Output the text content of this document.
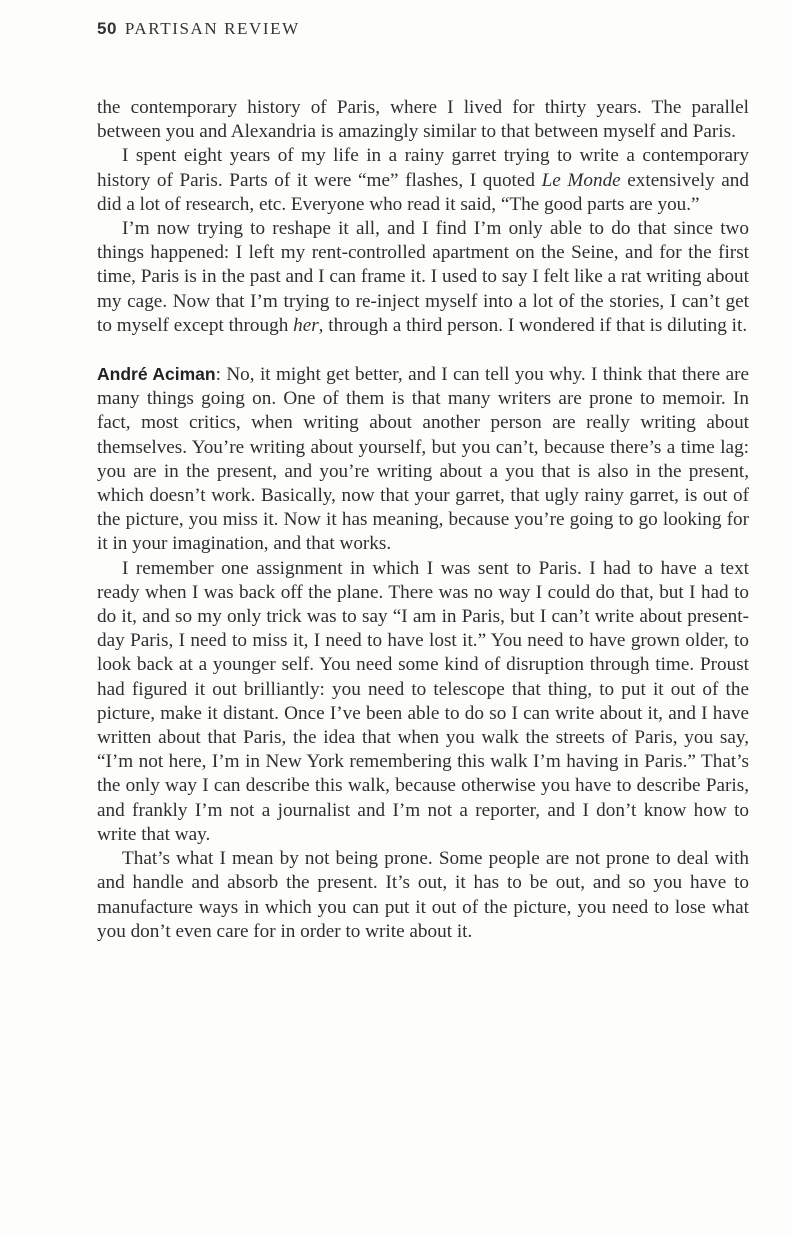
50 PARTISAN REVIEW

the contemporary history of Paris, where I lived for thirty years. The parallel between you and Alexandria is amazingly similar to that between myself and Paris.

I spent eight years of my life in a rainy garret trying to write a contemporary history of Paris. Parts of it were “me” flashes, I quoted Le Monde extensively and did a lot of research, etc. Everyone who read it said, “The good parts are you.”

I’m now trying to reshape it all, and I find I’m only able to do that since two things happened: I left my rent-controlled apartment on the Seine, and for the first time, Paris is in the past and I can frame it. I used to say I felt like a rat writing about my cage. Now that I’m trying to re-inject myself into a lot of the stories, I can’t get to myself except through her, through a third person. I wondered if that is diluting it.

André Aciman: No, it might get better, and I can tell you why. I think that there are many things going on. One of them is that many writers are prone to memoir. In fact, most critics, when writing about another person are really writing about themselves. You’re writing about yourself, but you can’t, because there’s a time lag: you are in the present, and you’re writing about a you that is also in the present, which doesn’t work. Basically, now that your garret, that ugly rainy garret, is out of the picture, you miss it. Now it has meaning, because you’re going to go looking for it in your imagination, and that works.

I remember one assignment in which I was sent to Paris. I had to have a text ready when I was back off the plane. There was no way I could do that, but I had to do it, and so my only trick was to say “I am in Paris, but I can’t write about present-day Paris, I need to miss it, I need to have lost it.” You need to have grown older, to look back at a younger self. You need some kind of disruption through time. Proust had figured it out brilliantly: you need to telescope that thing, to put it out of the picture, make it distant. Once I’ve been able to do so I can write about it, and I have written about that Paris, the idea that when you walk the streets of Paris, you say, “I’m not here, I’m in New York remembering this walk I’m having in Paris.” That’s the only way I can describe this walk, because otherwise you have to describe Paris, and frankly I’m not a journalist and I’m not a reporter, and I don’t know how to write that way.

That’s what I mean by not being prone. Some people are not prone to deal with and handle and absorb the present. It’s out, it has to be out, and so you have to manufacture ways in which you can put it out of the picture, you need to lose what you don’t even care for in order to write about it.
